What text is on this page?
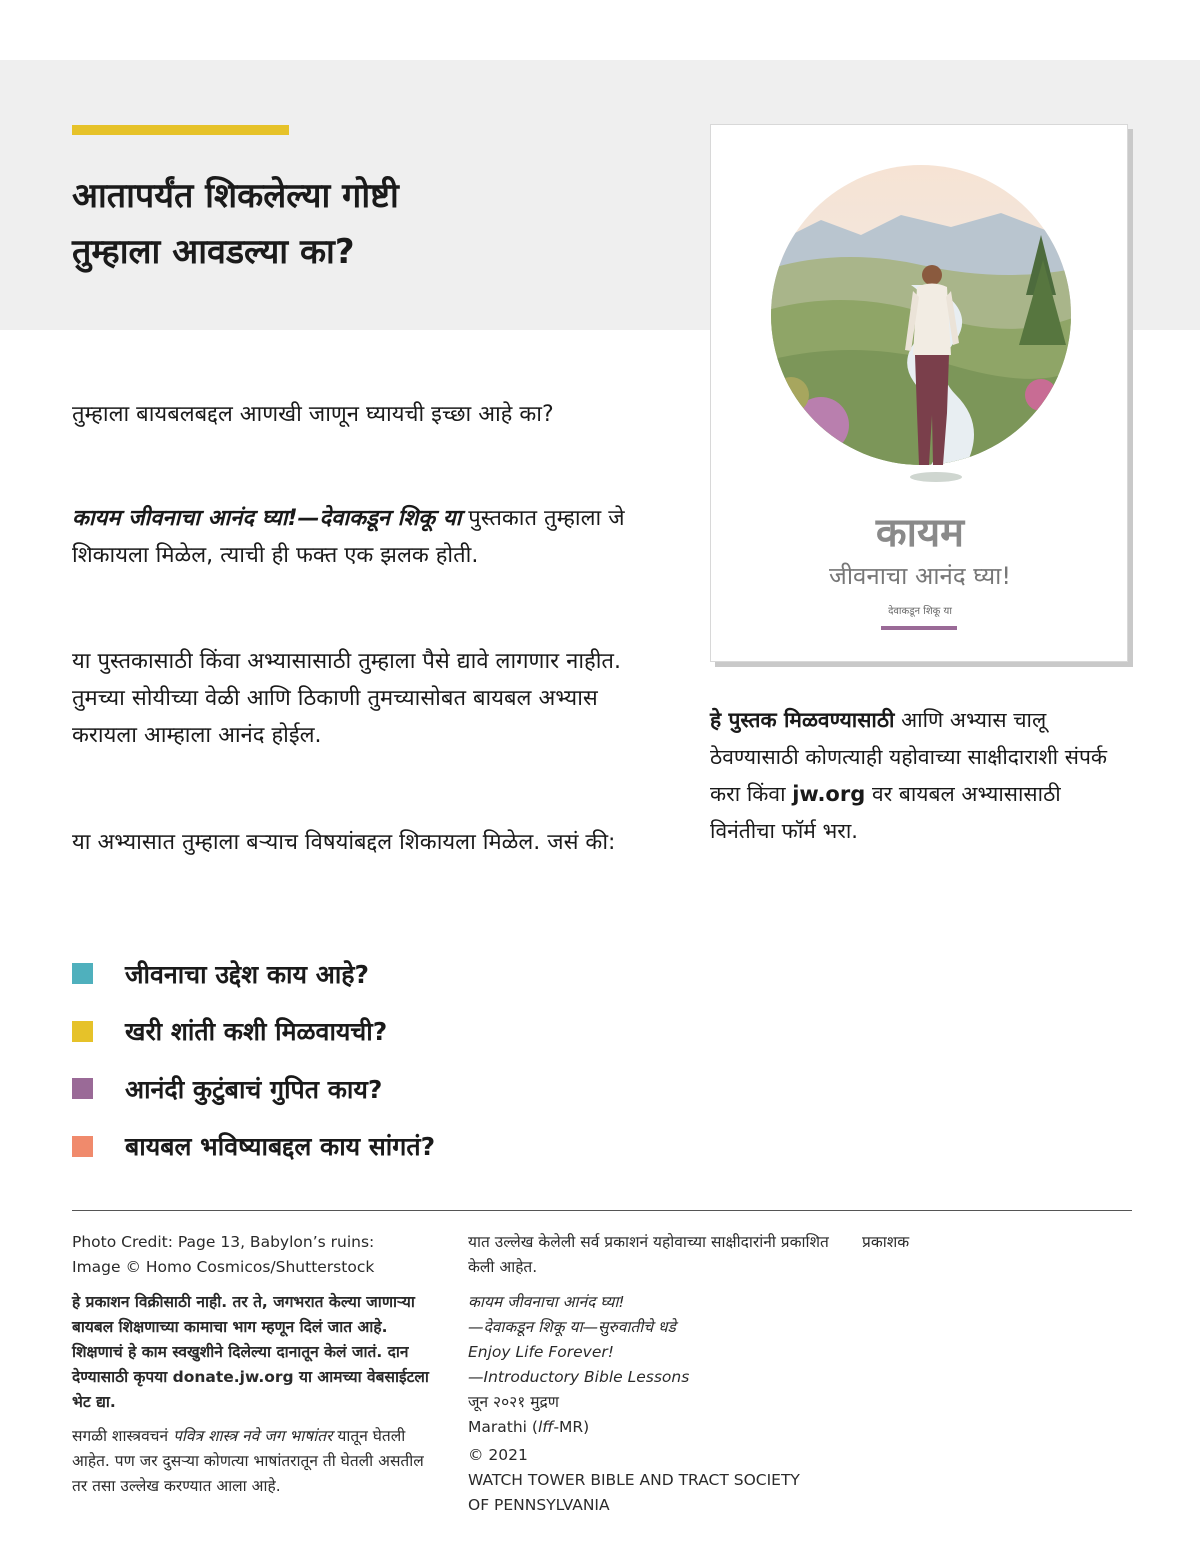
आतापर्यंत शिकलेल्या गोष्टी
तुम्हाला आवडल्या का?
कायम
जीवनाचा आनंद घ्या!
देवाकडून शिकू या

तुम्हाला बायबलबद्दल आणखी जाणून घ्यायची इच्छा आहे का?

कायम जीवनाचा आनंद घ्या!—देवाकडून शिकू या पुस्तकात तुम्हाला जे शिकायला मिळेल, त्याची ही फक्त एक झलक होती.

या पुस्तकासाठी किंवा अभ्यासासाठी तुम्हाला पैसे द्यावे लागणार नाहीत. तुमच्या सोयीच्या वेळी आणि ठिकाणी तुमच्यासोबत बायबल अभ्यास करायला आम्हाला आनंद होईल.

या अभ्यासात तुम्हाला बऱ्याच विषयांबद्दल शिकायला मिळेल. जसं की:

हे पुस्तक मिळवण्यासाठी आणि अभ्यास चालू ठेवण्यासाठी कोणत्याही यहोवाच्या साक्षीदाराशी संपर्क करा किंवा jw.org वर बायबल अभ्यासासाठी विनंतीचा फॉर्म भरा.

जीवनाचा उद्देश काय आहे?
खरी शांती कशी मिळवायची?
आनंदी कुटुंबाचं गुपित काय?
बायबल भविष्याबद्दल काय सांगतं?
Photo Credit: Page 13, Babylon’s ruins:
Image © Homo Cosmicos/Shutterstock
हे प्रकाशन विक्रीसाठी नाही. तर ते, जगभरात केल्या जाणाऱ्या बायबल शिक्षणाच्या कामाचा भाग म्हणून दिलं जात आहे. शिक्षणाचं हे काम स्वखुशीने दिलेल्या दानातून केलं जातं. दान देण्यासाठी कृपया donate.jw.org या आमच्या वेबसाईटला भेट द्या.
सगळी शास्त्रवचनं पवित्र शास्त्र नवे जग भाषांतर यातून घेतली आहेत. पण जर दुसऱ्या कोणत्या भाषांतरातून ती घेतली असतील तर तसा उल्लेख करण्यात आला आहे.
यात उल्लेख केलेली सर्व प्रकाशनं यहोवाच्या साक्षीदारांनी प्रकाशित केली आहेत.
कायम जीवनाचा आनंद घ्या!
—देवाकडून शिकू या—सुरुवातीचे धडे
Enjoy Life Forever!
—Introductory Bible Lessons
जून २०२१ मुद्रण
Marathi (lff-MR)
© 2021
WATCH TOWER BIBLE AND TRACT SOCIETY
OF PENNSYLVANIA
प्रकाशक
